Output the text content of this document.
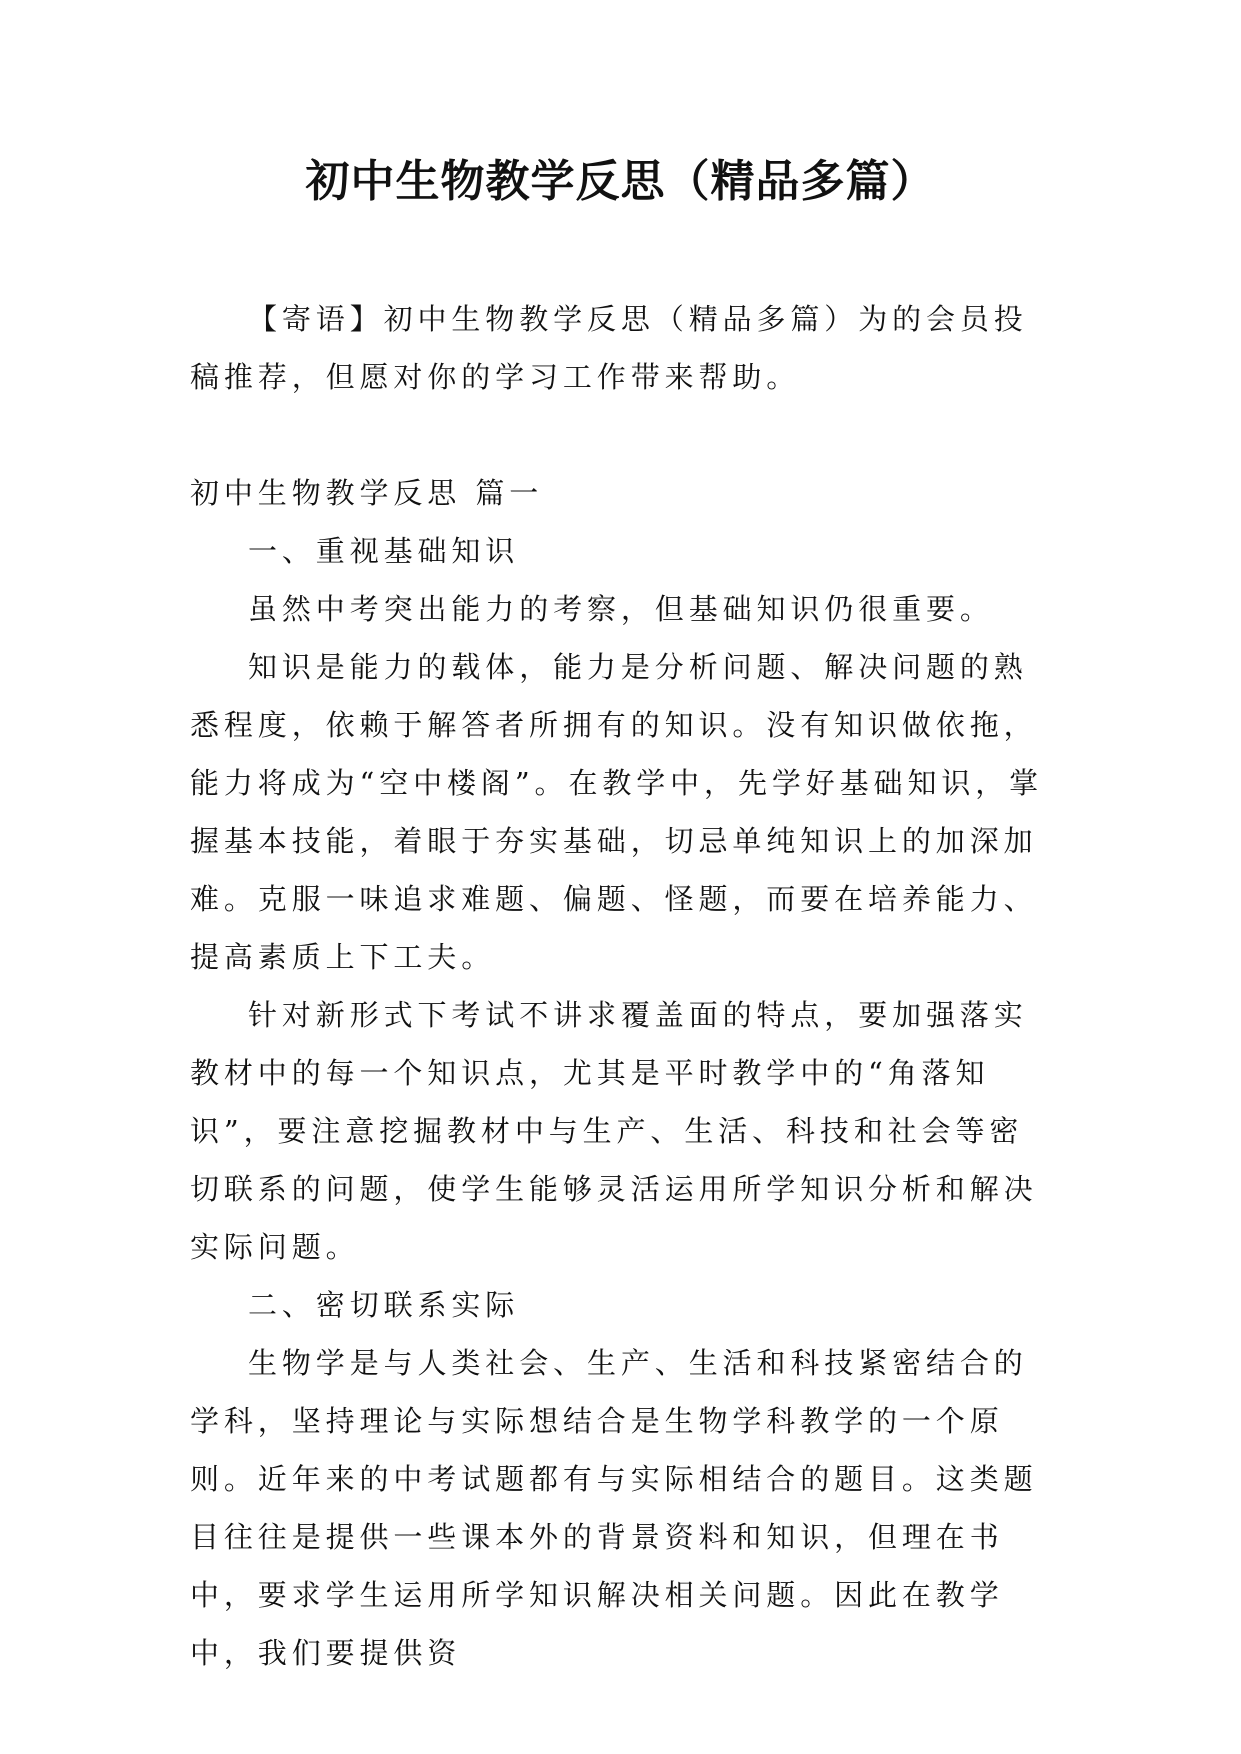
初中生物教学反思（精品多篇）

【寄语】初中生物教学反思（精品多篇）为的会员投稿推荐，但愿对你的学习工作带来帮助。

初中生物教学反思 篇一

一、重视基础知识

虽然中考突出能力的考察，但基础知识仍很重要。

知识是能力的载体，能力是分析问题、解决问题的熟悉程度，依赖于解答者所拥有的知识。没有知识做依拖，能力将成为“空中楼阁”。在教学中，先学好基础知识，掌握基本技能，着眼于夯实基础，切忌单纯知识上的加深加难。克服一味追求难题、偏题、怪题，而要在培养能力、提高素质上下工夫。

针对新形式下考试不讲求覆盖面的特点，要加强落实教材中的每一个知识点，尤其是平时教学中的“角落知识”，要注意挖掘教材中与生产、生活、科技和社会等密切联系的问题，使学生能够灵活运用所学知识分析和解决实际问题。

二、密切联系实际

生物学是与人类社会、生产、生活和科技紧密结合的学科，坚持理论与实际想结合是生物学科教学的一个原则。近年来的中考试题都有与实际相结合的题目。这类题目往往是提供一些课本外的背景资料和知识，但理在书中，要求学生运用所学知识解决相关问题。因此在教学中，我们要提供资
